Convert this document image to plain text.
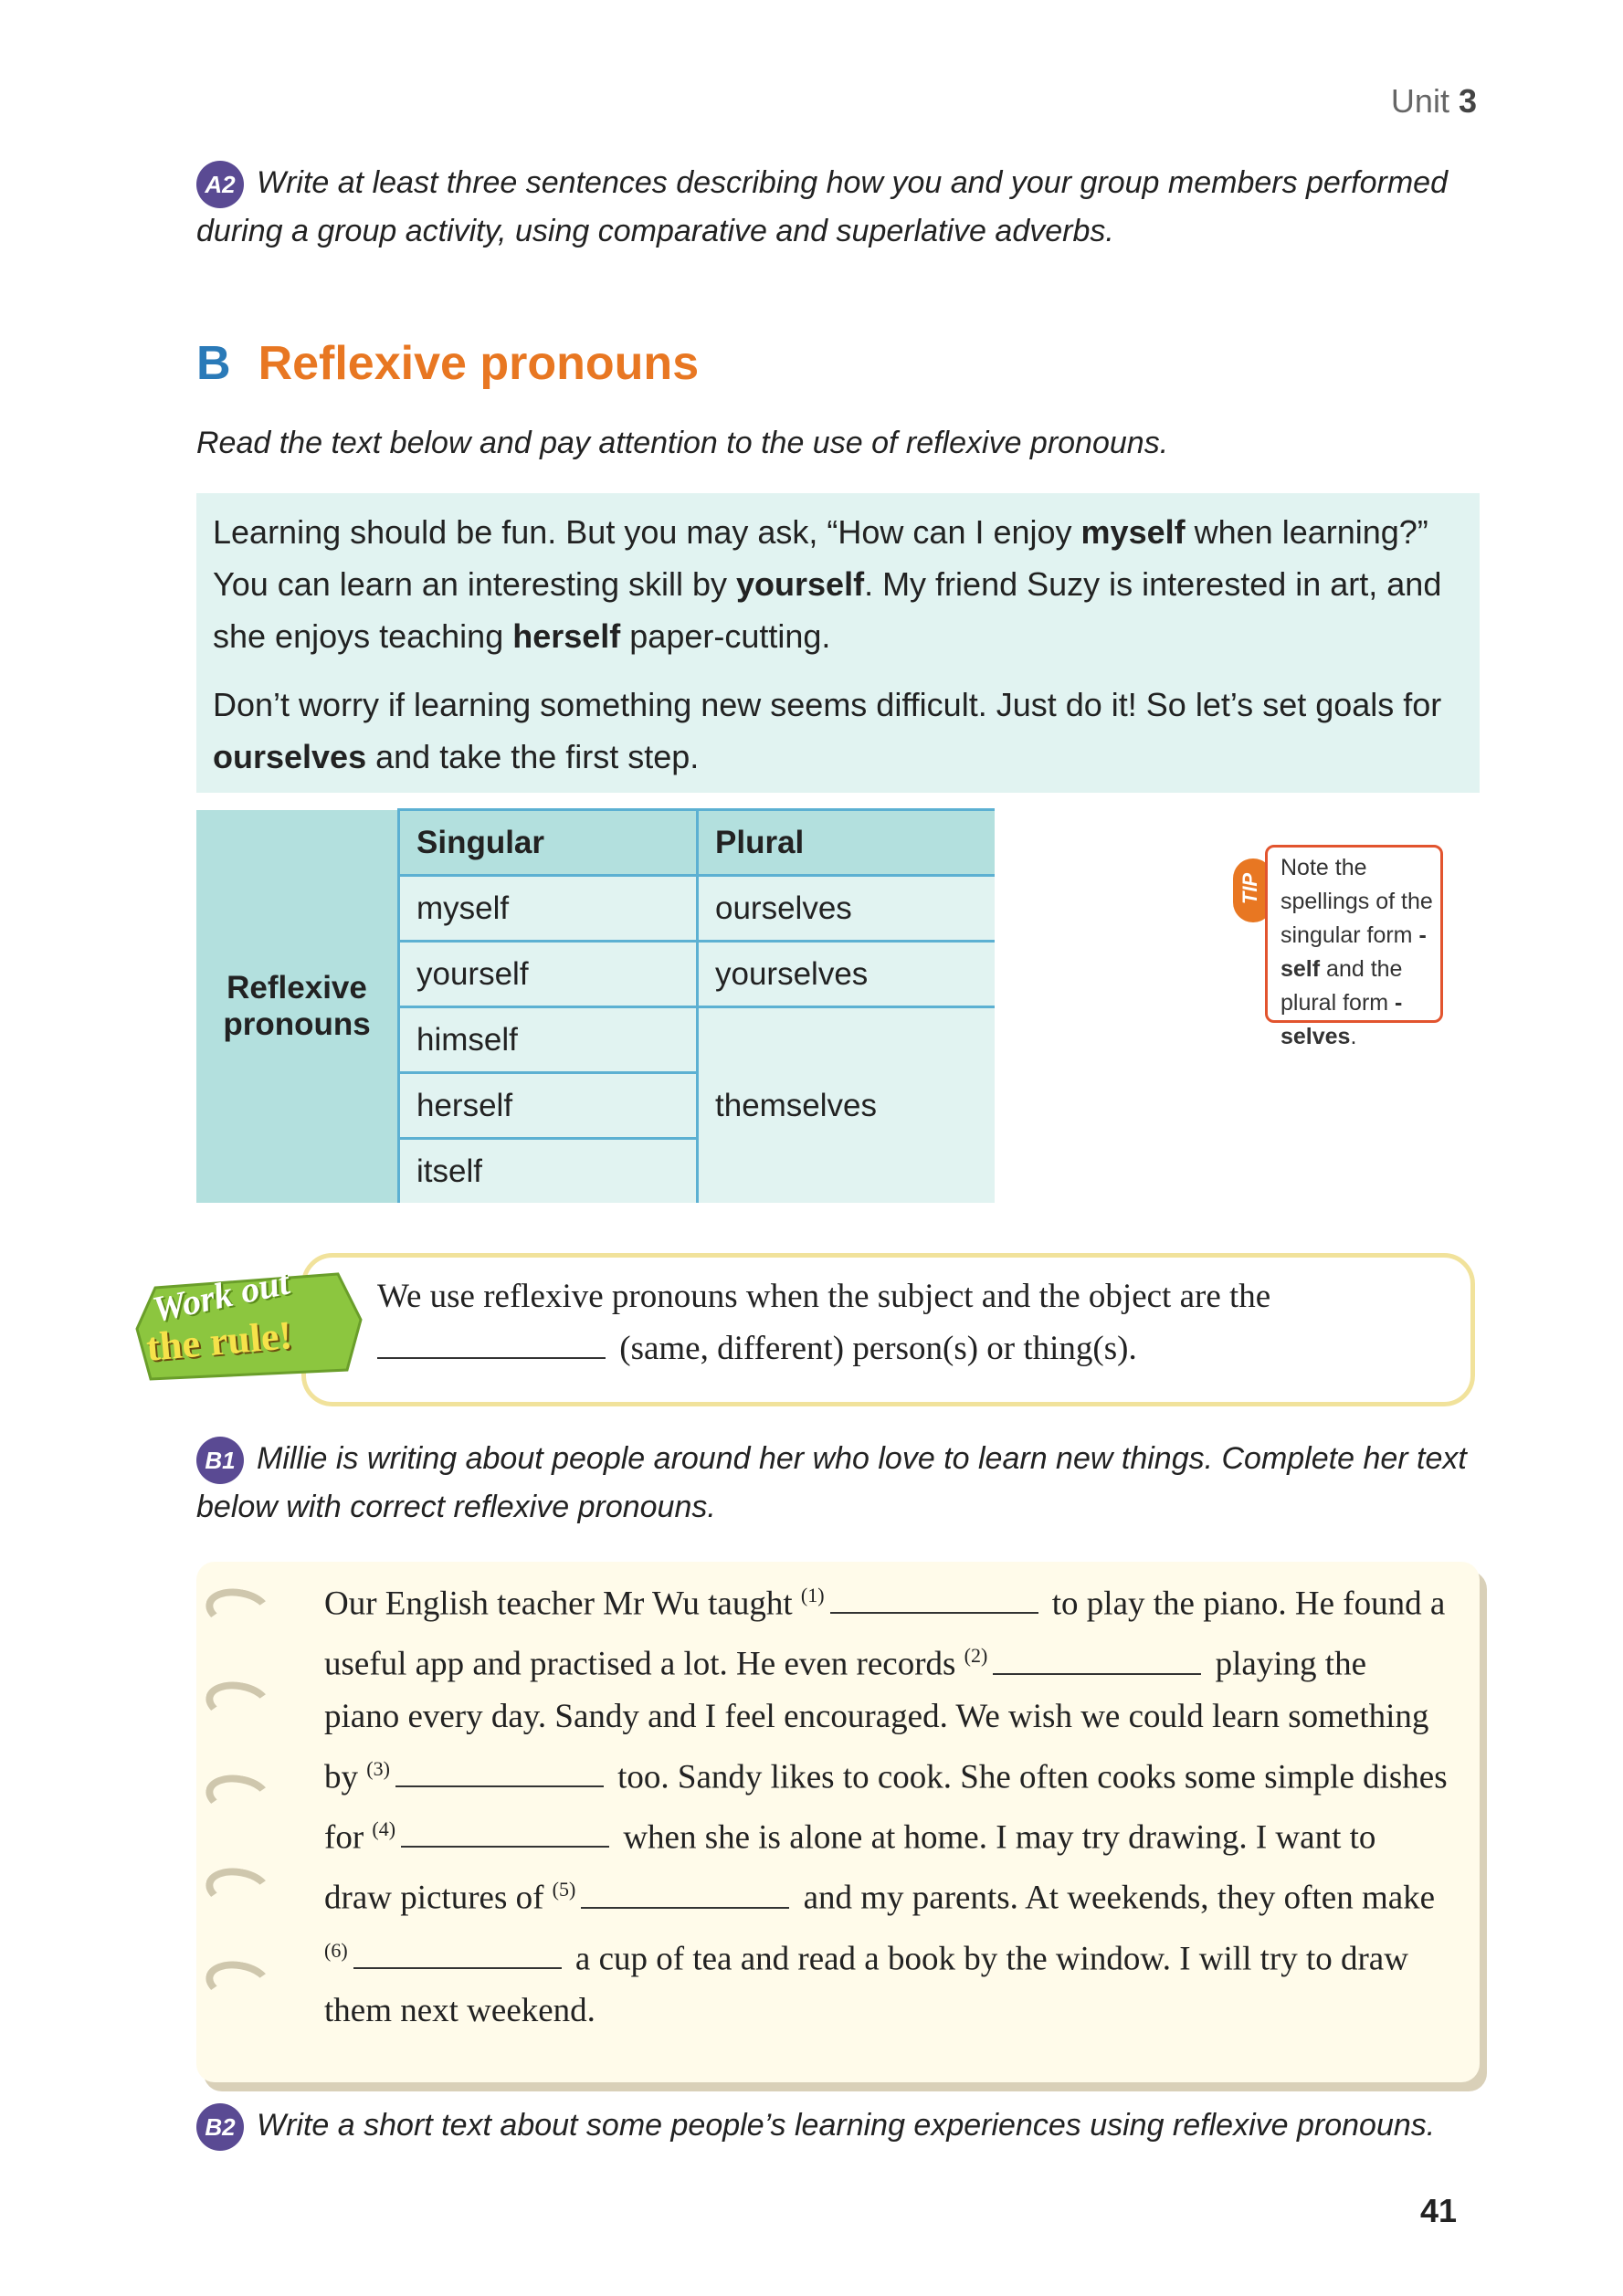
Unit 3
A2 Write at least three sentences describing how you and your group members performed during a group activity, using comparative and superlative adverbs.
B Reflexive pronouns
Read the text below and pay attention to the use of reflexive pronouns.

Learning should be fun. But you may ask, “How can I enjoy myself when learning?” You can learn an interesting skill by yourself. My friend Suzy is interested in art, and she enjoys teaching herself paper-cutting.

Don’t worry if learning something new seems difficult. Just do it! So let’s set goals for ourselves and take the first step.

Reflexive pronouns	Singular	Plural
	myself	ourselves
	yourself	yourselves
	himself	themselves
	herself	
	itself	
TIP
Note the spellings of the singular form -self and the plural form -selves.
We use reflexive pronouns when the subject and the object are the
(same, different) person(s) or thing(s).
Work out
the rule!
B1 Millie is writing about people around her who love to learn new things. Complete her text below with correct reflexive pronouns.
Our English teacher Mr Wu taught $^{(1)}$	to play the piano. He found a useful app and practised a lot. He even records $^{(2)}$	playing the piano every day. Sandy and I feel encouraged. We wish we could learn something by $^{(3)}$	too. Sandy likes to cook. She often cooks some simple dishes for $^{(4)}$	when she is alone at home. I may try drawing. I want to draw pictures of $^{(5)}$	and my parents. At weekends, they often make $^{(6)}$	a cup of tea and read a book by the window. I will try to draw them next weekend.
B2 Write a short text about some people’s learning experiences using reflexive pronouns.
41
